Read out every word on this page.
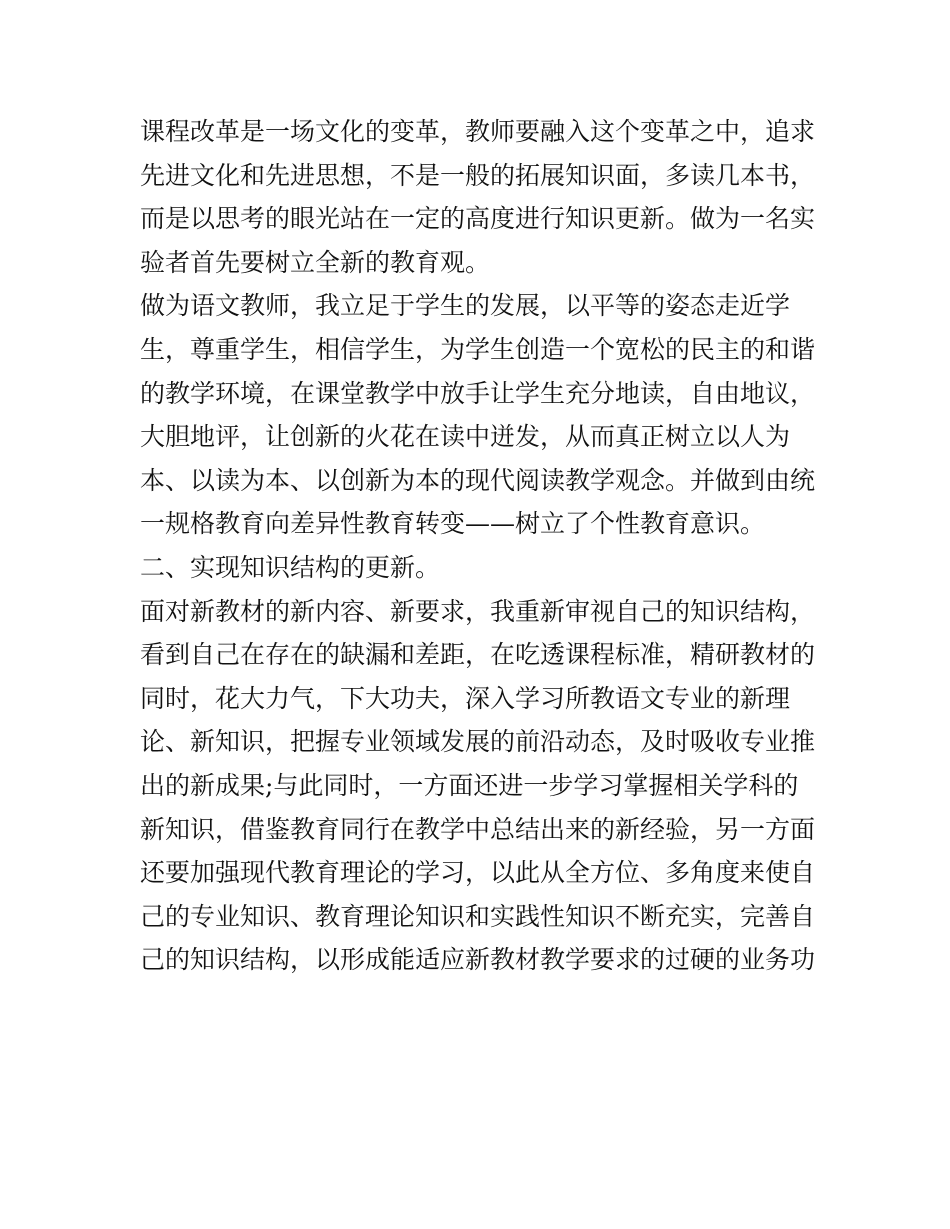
课程改革是一场文化的变革，教师要融入这个变革之中，追求
先进文化和先进思想，不是一般的拓展知识面，多读几本书，
而是以思考的眼光站在一定的高度进行知识更新。做为一名实
验者首先要树立全新的教育观。
做为语文教师，我立足于学生的发展，以平等的姿态走近学
生，尊重学生，相信学生，为学生创造一个宽松的民主的和谐
的教学环境，在课堂教学中放手让学生充分地读，自由地议，
大胆地评，让创新的火花在读中迸发，从而真正树立以人为
本、以读为本、以创新为本的现代阅读教学观念。并做到由统
一规格教育向差异性教育转变——树立了个性教育意识。
二、实现知识结构的更新。
面对新教材的新内容、新要求，我重新审视自己的知识结构，
看到自己在存在的缺漏和差距，在吃透课程标准，精研教材的
同时，花大力气，下大功夫，深入学习所教语文专业的新理
论、新知识，把握专业领域发展的前沿动态，及时吸收专业推
出的新成果;与此同时，一方面还进一步学习掌握相关学科的
新知识，借鉴教育同行在教学中总结出来的新经验，另一方面
还要加强现代教育理论的学习，以此从全方位、多角度来使自
己的专业知识、教育理论知识和实践性知识不断充实，完善自
己的知识结构，以形成能适应新教材教学要求的过硬的业务功
